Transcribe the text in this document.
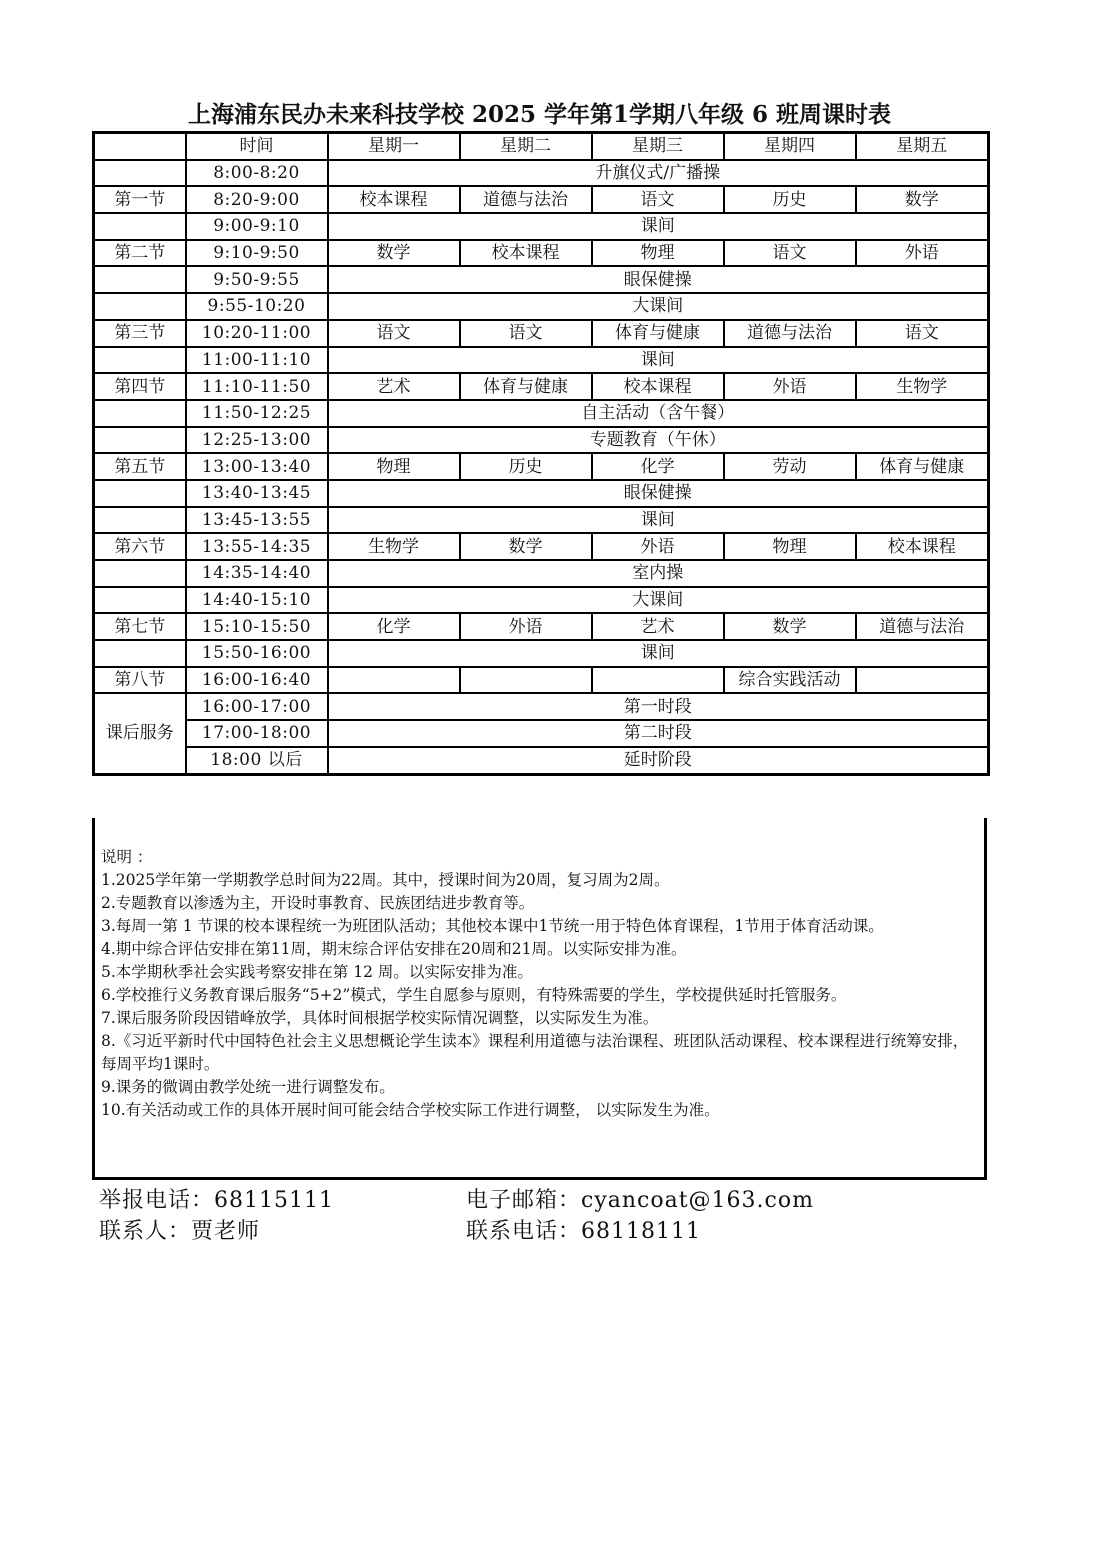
上海浦东民办未来科技学校 2025 学年第1学期八年级 6 班周课时表
	时间	星期一	星期二	星期三	星期四	星期五
	8:00-8:20	升旗仪式/广播操				
第一节	8:20-9:00	校本课程	道德与法治	语文	历史	数学
	9:00-9:10	课间				
第二节	9:10-9:50	数学	校本课程	物理	语文	外语
	9:50-9:55	眼保健操				
	9:55-10:20	大课间				
第三节	10:20-11:00	语文	语文	体育与健康	道德与法治	语文
	11:00-11:10	课间				
第四节	11:10-11:50	艺术	体育与健康	校本课程	外语	生物学
	11:50-12:25	自主活动（含午餐）				
	12:25-13:00	专题教育（午休）				
第五节	13:00-13:40	物理	历史	化学	劳动	体育与健康
	13:40-13:45	眼保健操				
	13:45-13:55	课间				
第六节	13:55-14:35	生物学	数学	外语	物理	校本课程
	14:35-14:40	室内操				
	14:40-15:10	大课间				
第七节	15:10-15:50	化学	外语	艺术	数学	道德与法治
	15:50-16:00	课间				
第八节	16:00-16:40				综合实践活动	
课后服务	16:00-17:00	第一时段				
	17:00-18:00	第二时段				
	18:00 以后	延时阶段				
说明 ：
1.2025学年第一学期教学总时间为22周。其中，授课时间为20周，复习周为2周。
2.专题教育以渗透为主，开设时事教育、民族团结进步教育等。
3.每周一第 1 节课的校本课程统一为班团队活动；其他校本课中1节统一用于特色体育课程，1节用于体育活动课。
4.期中综合评估安排在第11周，期末综合评估安排在20周和21周。以实际安排为准。
5.本学期秋季社会实践考察安排在第 12 周。以实际安排为准。
6.学校推行义务教育课后服务“5+2”模式，学生自愿参与原则，有特殊需要的学生，学校提供延时托管服务。
7.课后服务阶段因错峰放学，具体时间根据学校实际情况调整，以实际发生为准。
8.《习近平新时代中国特色社会主义思想概论学生读本》课程利用道德与法治课程、班团队活动课程、校本课程进行统筹安排，每周平均1课时。
9.课务的微调由教学处统一进行调整发布。
10.有关活动或工作的具体开展时间可能会结合学校实际工作进行调整， 以实际发生为准。
举报电话：68115111	电子邮箱：cyancoat@163.com
联系人：贾老师	联系电话：68118111
